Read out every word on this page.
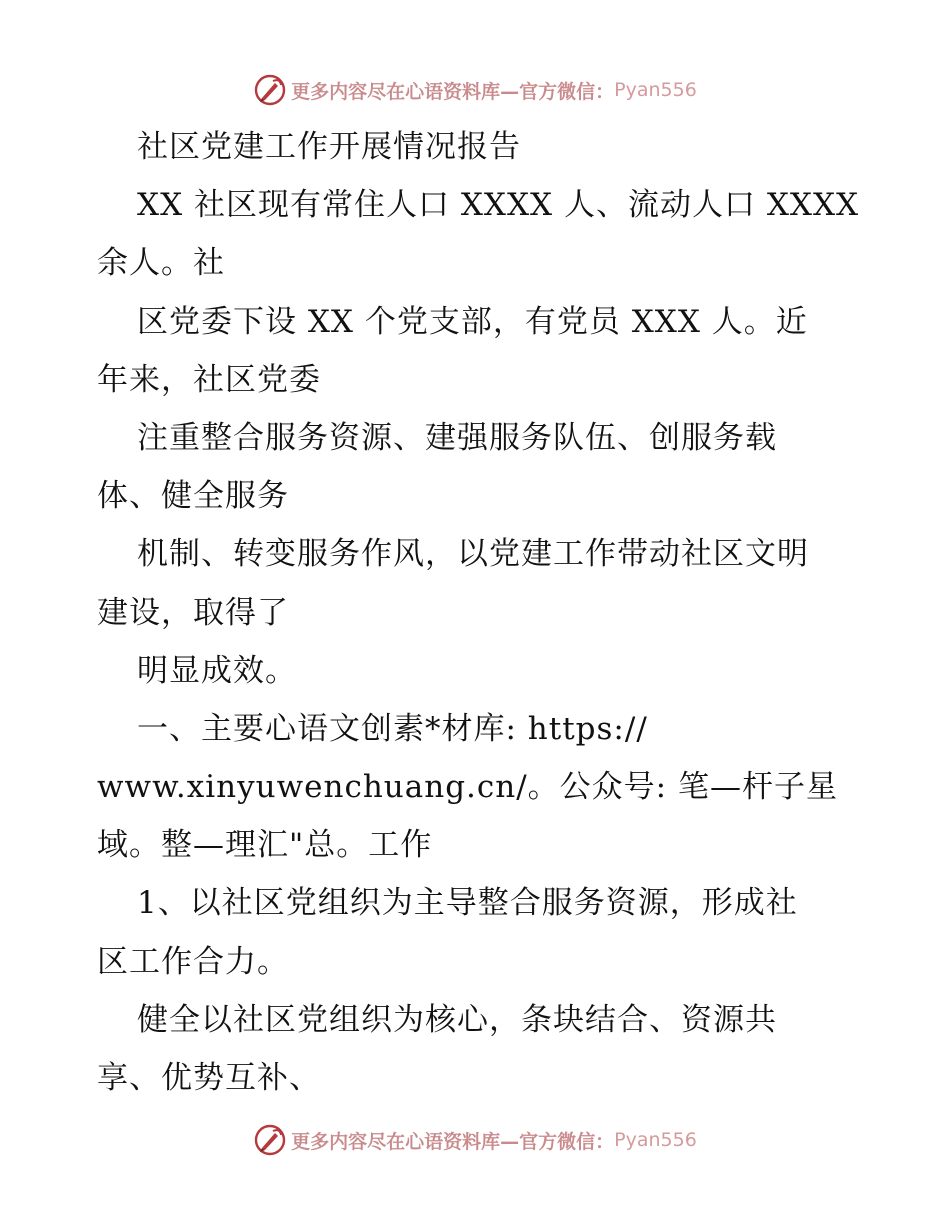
更多内容尽在心语资料库—官方微信： Pyan556
社区党建工作开展情况报告
XX 社区现有常住人口 XXXX 人、流动人口 XXXX
余人。社
区党委下设 XX 个党支部，有党员 XXX 人。近
年来，社区党委
注重整合服务资源、建强服务队伍、创服务载
体、健全服务
机制、转变服务作风，以党建工作带动社区文明
建设，取得了
明显成效。
一、主要心语文创素*材库: https://
www.xinyuwenchuang.cn/。公众号: 笔—杆子星
域。整—理汇"总。工作
1、以社区党组织为主导整合服务资源，形成社
区工作合力。
健全以社区党组织为核心，条块结合、资源共
享、优势互补、
更多内容尽在心语资料库—官方微信： Pyan556
